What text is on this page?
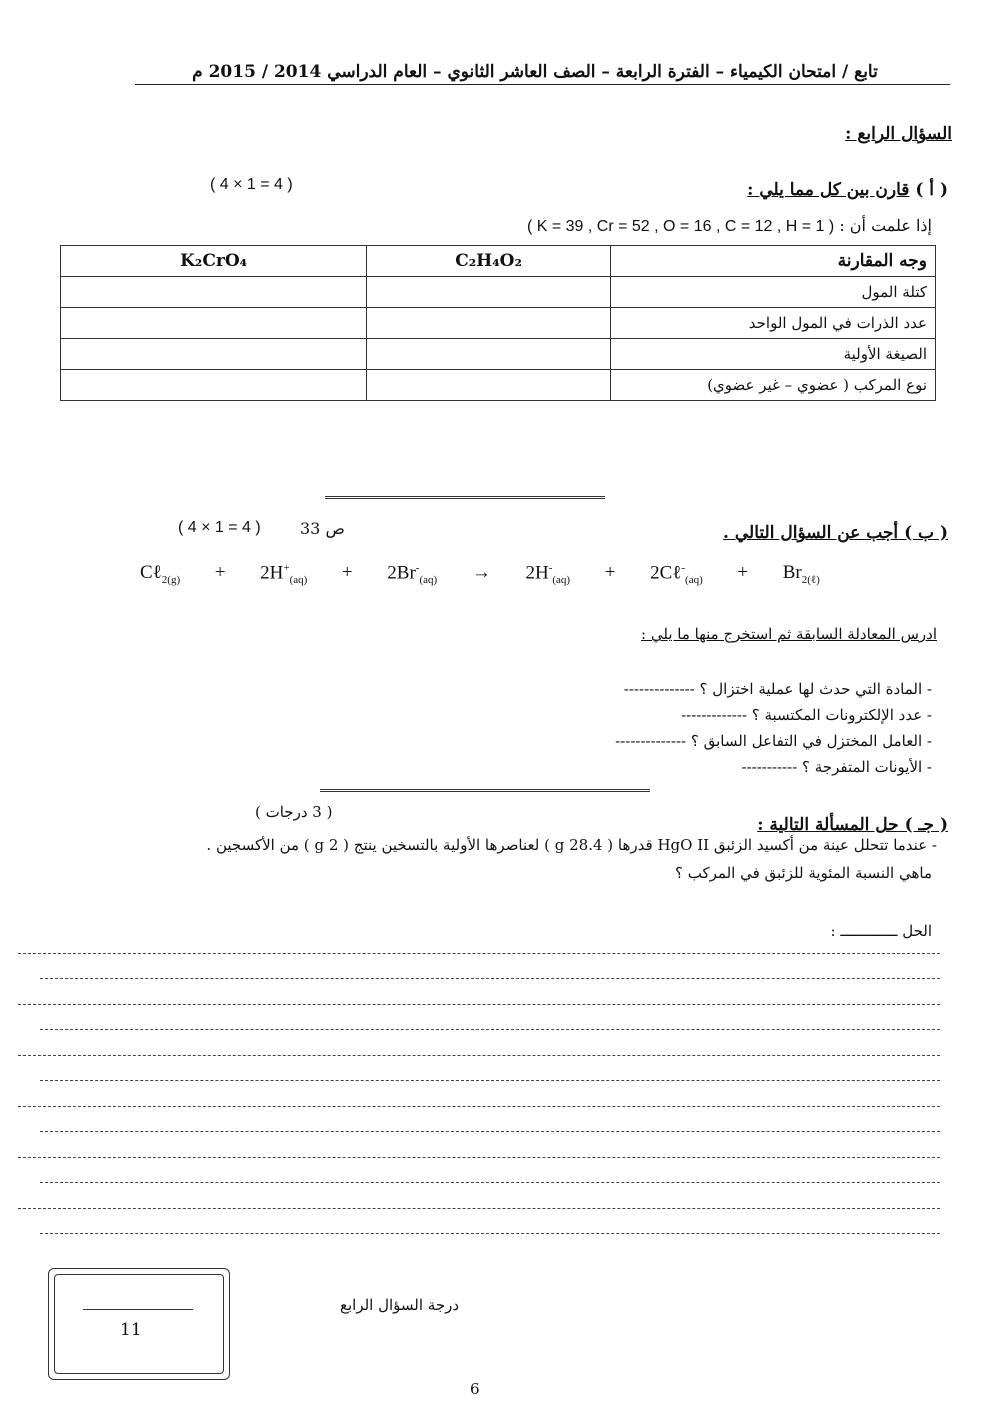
تابع / امتحان الكيمياء – الفترة الرابعة – الصف العاشر الثانوي – العام الدراسي 2014 / 2015 م
السؤال الرابع :
( أ ) قارن بين كل مما يلي :
( 4 × 1 = 4 )
إذا علمت أن : ( K = 39 , Cr = 52 , O = 16 , C = 12 , H = 1 )
K₂CrO₄	C₂H₄O₂	وجه المقارنة
		كتلة المول
		عدد الذرات في المول الواحد
		الصيغة الأولية
		نوع المركب ( عضوي – غير عضوي)
( ب ) أجب عن السؤال التالي .
ص 33
( 4 × 1 = 4 )
Cℓ$_{2(g)}$ + $2H^+_{(aq)} + 2Br^-_{(aq)} \to 2H^-_{(aq)}$ + 2Cℓ-$_{(aq)}$ + $Br_{2(\ell)}$
ادرس المعادلة السابقة ثم استخرج منها ما يلي :
- المادة التي حدث لها عملية اختزال ؟ --------------
- عدد الإلكترونات المكتسبة ؟ -------------
- العامل المختزل في التفاعل السابق ؟ --------------
- الأيونات المتفرجة ؟ -----------
( جـ ) حل المسألة التالية :
( 3 درجات )
- عندما تتحلل عينة من أكسيد الزئبق HgO II قدرها ( 28.4 g ) لعناصرها الأولية بالتسخين ينتج ( 2 g ) من الأكسجين .
ماهي النسبة المئوية للزئبق في المركب ؟
الحل ـــــــــــــ :
11
درجة السؤال الرابع
6
